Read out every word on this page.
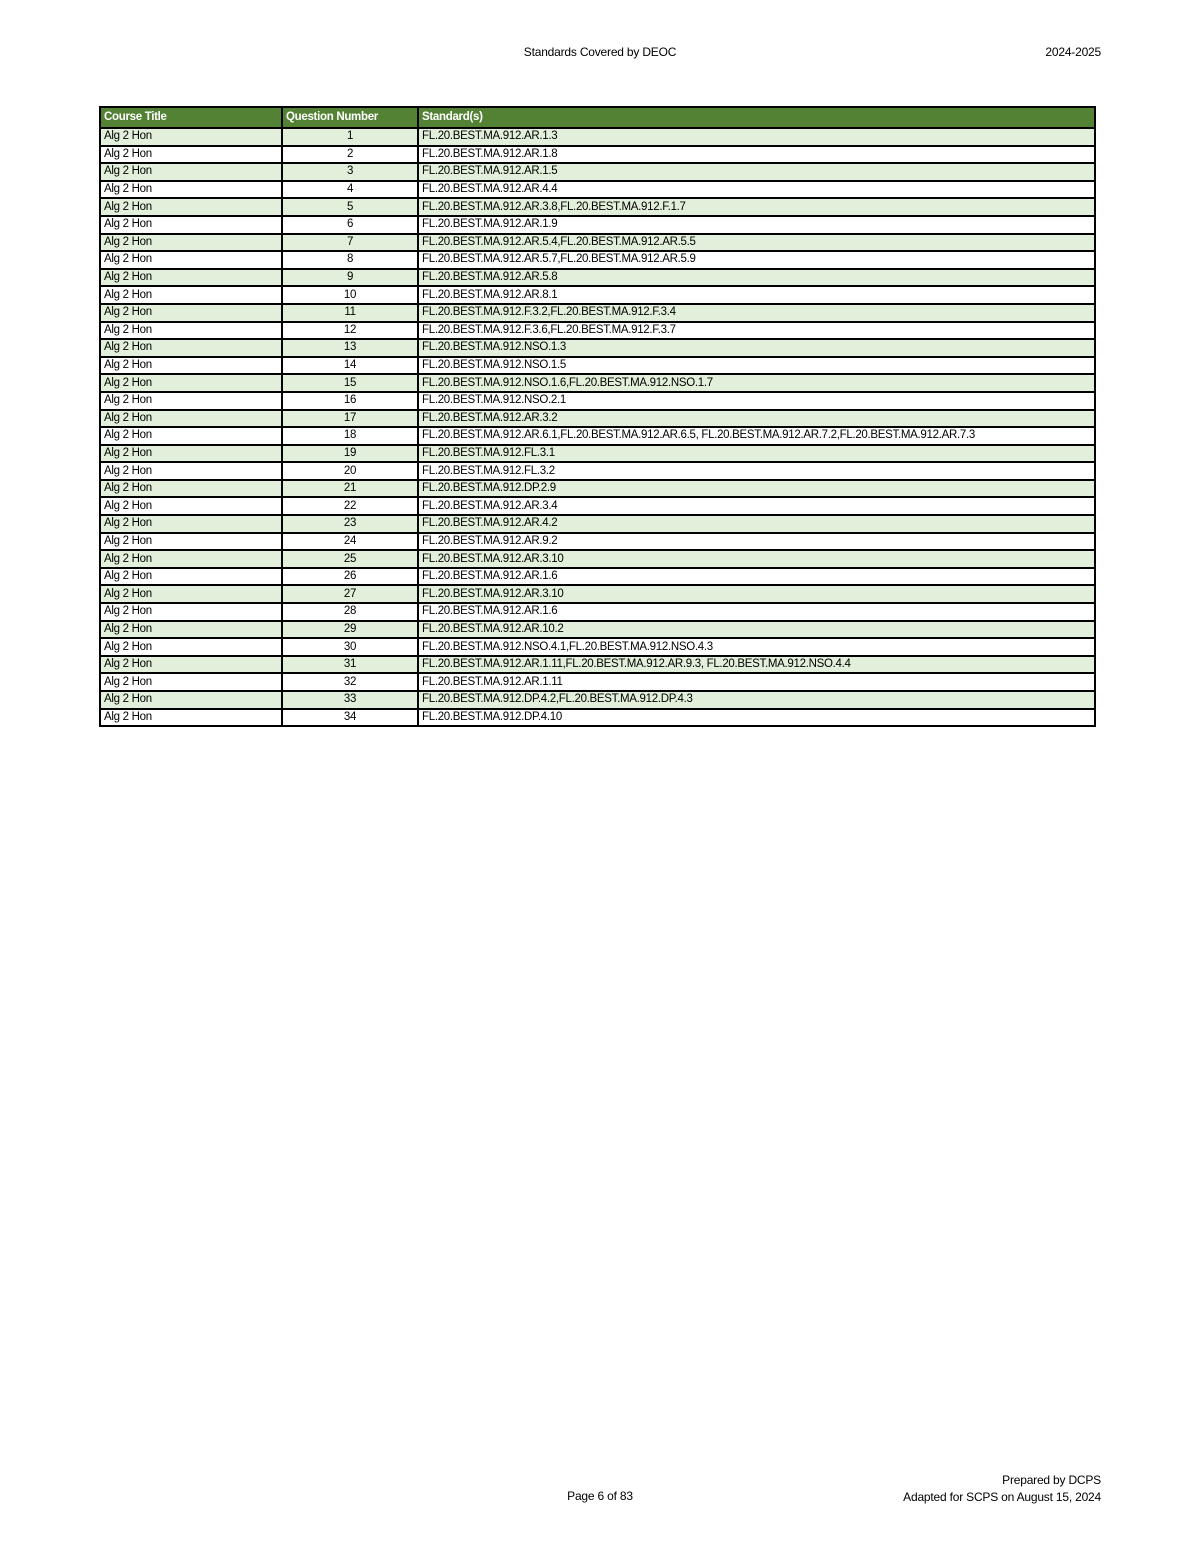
Standards Covered by DEOC	2024-2025
Course Title	Question Number	Standard(s)
Alg 2 Hon	1	FL.20.BEST.MA.912.AR.1.3
Alg 2 Hon	2	FL.20.BEST.MA.912.AR.1.8
Alg 2 Hon	3	FL.20.BEST.MA.912.AR.1.5
Alg 2 Hon	4	FL.20.BEST.MA.912.AR.4.4
Alg 2 Hon	5	FL.20.BEST.MA.912.AR.3.8,FL.20.BEST.MA.912.F.1.7
Alg 2 Hon	6	FL.20.BEST.MA.912.AR.1.9
Alg 2 Hon	7	FL.20.BEST.MA.912.AR.5.4,FL.20.BEST.MA.912.AR.5.5
Alg 2 Hon	8	FL.20.BEST.MA.912.AR.5.7,FL.20.BEST.MA.912.AR.5.9
Alg 2 Hon	9	FL.20.BEST.MA.912.AR.5.8
Alg 2 Hon	10	FL.20.BEST.MA.912.AR.8.1
Alg 2 Hon	11	FL.20.BEST.MA.912.F.3.2,FL.20.BEST.MA.912.F.3.4
Alg 2 Hon	12	FL.20.BEST.MA.912.F.3.6,FL.20.BEST.MA.912.F.3.7
Alg 2 Hon	13	FL.20.BEST.MA.912.NSO.1.3
Alg 2 Hon	14	FL.20.BEST.MA.912.NSO.1.5
Alg 2 Hon	15	FL.20.BEST.MA.912.NSO.1.6,FL.20.BEST.MA.912.NSO.1.7
Alg 2 Hon	16	FL.20.BEST.MA.912.NSO.2.1
Alg 2 Hon	17	FL.20.BEST.MA.912.AR.3.2
Alg 2 Hon	18	FL.20.BEST.MA.912.AR.6.1,FL.20.BEST.MA.912.AR.6.5, FL.20.BEST.MA.912.AR.7.2,FL.20.BEST.MA.912.AR.7.3
Alg 2 Hon	19	FL.20.BEST.MA.912.FL.3.1
Alg 2 Hon	20	FL.20.BEST.MA.912.FL.3.2
Alg 2 Hon	21	FL.20.BEST.MA.912.DP.2.9
Alg 2 Hon	22	FL.20.BEST.MA.912.AR.3.4
Alg 2 Hon	23	FL.20.BEST.MA.912.AR.4.2
Alg 2 Hon	24	FL.20.BEST.MA.912.AR.9.2
Alg 2 Hon	25	FL.20.BEST.MA.912.AR.3.10
Alg 2 Hon	26	FL.20.BEST.MA.912.AR.1.6
Alg 2 Hon	27	FL.20.BEST.MA.912.AR.3.10
Alg 2 Hon	28	FL.20.BEST.MA.912.AR.1.6
Alg 2 Hon	29	FL.20.BEST.MA.912.AR.10.2
Alg 2 Hon	30	FL.20.BEST.MA.912.NSO.4.1,FL.20.BEST.MA.912.NSO.4.3
Alg 2 Hon	31	FL.20.BEST.MA.912.AR.1.11,FL.20.BEST.MA.912.AR.9.3, FL.20.BEST.MA.912.NSO.4.4
Alg 2 Hon	32	FL.20.BEST.MA.912.AR.1.11
Alg 2 Hon	33	FL.20.BEST.MA.912.DP.4.2,FL.20.BEST.MA.912.DP.4.3
Alg 2 Hon	34	FL.20.BEST.MA.912.DP.4.10
Page 6 of 83
Prepared by DCPS
Adapted for SCPS on August 15, 2024
